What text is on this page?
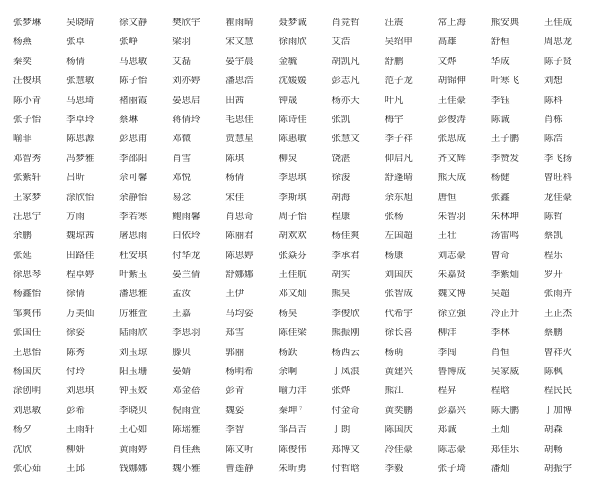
张梦琳	吴晓晴	徐文静	樊欣宇	瞿雨晴	聂梦诚	肖竞哲	汪震	常上海	熊安典	王佳成
杨燕	张卓	张峥	梁羽	宋文慧	徐雨欣	艾浩	吴绍申	高雄	舒桓	周思龙
秦奕	杨倩	马思敏	艾磊	晏宇晨	金毓	胡凯凡	舒鹏	文烨	华成	陈子贤
汪俊琪	张慧敏	陈子怡	刘亦婷	潘思浩	沈媛媛	彭志凡	范子龙	胡锦伸	叶寒飞	刘想
陈小青	马思琦	褚丽霞	晏思启	田茜	钟晟	杨亦天	叶凡	王佳豪	李钰	陈科
张子怡	李卓玲	蔡琳	蒋倩玲	毛思佳	陈诗佳	张凯	梅宇	彭俊涛	陈诚	肖栋
喻菲	陈思源	彭思甫	邓微	贾慧星	陈惠敏	张慧文	李子祥	张思成	王子鹏	陈浩
邓智秀	冯梦雅	李邵阳	肖雪	陈琪	柳炅	饶湛	仰启凡	齐文辉	李赞发	李飞扬
张紫轩	吕昕	佘可馨	邓悦	杨倩	李思琪	徐浚	舒蓬晴	熊天成	杨健	曾旺科
王家梦	涂欣怡	余静怡	易念	宋佳	李斯琪	胡海	余东旭	唐恒	张鑫	龙佳豪
汪思宁	方雨	李若寒	鲍雨馨	肖思奇	周子怡	程康	张杨	朱智羽	朱林坤	陈哲
余鹏	魏琼茜	屠思雨	白依玲	陈丽君	胡欢欢	杨佳爽	左国超	王壮	汤雷鸣	蔡凯
张延	田路佳	杜安琪	付华龙	陈思婷	张焱芬	李承君	杨康	刘志豪	曾奇	程乐
徐思琴	程卓婷	叶紫玉	晏兰倩	舒娜娜	王佳航	胡实	刘国庆	朱嘉贤	李紫灿	罗开
杨鑫怡	徐倩	潘思雅	孟汝	王伊	邓文灿	熊昊	张智成	魏文博	吴超	张雨卉
邹爽伟	万美仙	厉雅萱	王嘉	马均姿	杨昊	李俊欣	代希宇	徐立强	冷正升	王正杰
张国任	徐姿	陆雨欣	李思羽	郑雪	陈佳梁	熊振刚	徐长喜	柳洋	李林	蔡鹏
王思怡	陈秀	刘玉琼	滕贝	郭丽	杨跃	杨西云	杨萌	李闯	肖恒	曾祥火
杨国庆	付玲	阳玉珊	晏婧	杨明希	余啊	丁凤浪	黄建兴	鲁博成	吴家威	陈枫
涂创明	刘思琪	钟玉姣	邓金蓓	彭青	喻力洋	张烨	熊江	程昇	程晗	程民民
刘思敏	彭希	李晓贝	倪雨萱	魏姿	秦坤	付金奇	黄奕鹏	彭嘉兴	陈天鹏	丁加博
杨夕	王雨轩	王心如	陈瑶雅	李智	邹昌吉	丁朗	陈国庆	郑诚	王灿	胡森
沈欣	柳妍	黄雨婷	肖佳燕	陈文听	陈俊伟	郑博文	冷佳豪	陈志豪	郑佳乐	胡畅
张心茹	王邱	钱娜娜	魏小雅	曹莲静	朱昕勇	付哲晗	李毅	张子琦	潘灿	胡振宇
7
